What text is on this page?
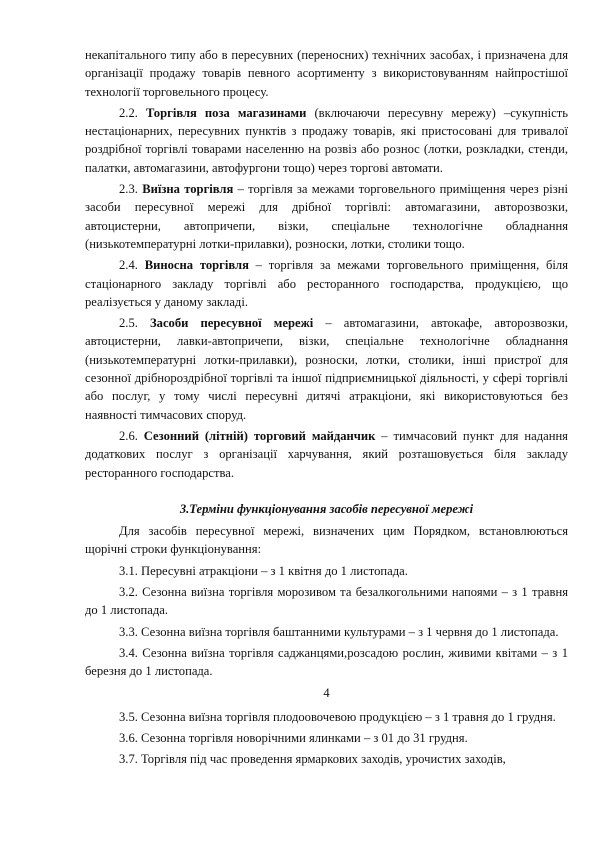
некапітального типу або в пересувних (переносних) технічних засобах, і призначена для організації продажу товарів певного асортименту з використовуванням найпростішої технології торговельного процесу.

2.2. Торгівля поза магазинами (включаючи пересувну мережу) –сукупність нестаціонарних, пересувних пунктів з продажу товарів, які пристосовані для тривалої роздрібної торгівлі товарами населенню на розвіз або рознос (лотки, розкладки, стенди, палатки, автомагазини, автофургони тощо) через торгові автомати.

2.3. Виїзна торгівля – торгівля за межами торговельного приміщення через різні засоби пересувної мережі для дрібної торгівлі: автомагазини, авторозвозки, автоцистерни, автопричепи, візки, спеціальне технологічне обладнання (низькотемпературні лотки-прилавки), розноски, лотки, столики тощо.

2.4. Виносна торгівля – торгівля за межами торговельного приміщення, біля стаціонарного закладу торгівлі або ресторанного господарства, продукцією, що реалізується у даному закладі.

2.5. Засоби пересувної мережі – автомагазини, автокафе, авторозвозки, автоцистерни, лавки-автопричепи, візки, спеціальне технологічне обладнання (низькотемпературні лотки-прилавки), розноски, лотки, столики, інші пристрої для сезонної дрібнороздрібної торгівлі та іншої підприємницької діяльності, у сфері торгівлі або послуг, у тому числі пересувні дитячі атракціони, які використовуються без наявності тимчасових споруд.

2.6. Сезонний (літній) торговий майданчик – тимчасовий пункт для надання додаткових послуг з організації харчування, який розташовується біля закладу ресторанного господарства.

3.Терміни функціонування засобів пересувної мережі

Для засобів пересувної мережі, визначених цим Порядком, встановлюються щорічні строки функціонування:

3.1. Пересувні атракціони – з 1 квітня до 1 листопада.

3.2. Сезонна виїзна торгівля морозивом та безалкогольними напоями – з 1 травня до 1 листопада.

3.3. Сезонна виїзна торгівля баштанними культурами – з 1 червня до 1 листопада.

3.4. Сезонна виїзна торгівля саджанцями,розсадою рослин, живими квітами – з 1 березня до 1 листопада.

4

3.5. Сезонна виїзна торгівля плодоовочевою продукцією – з 1 травня до 1 грудня.

3.6. Сезонна торгівля новорічними ялинками – з 01 до 31 грудня.

3.7. Торгівля під час проведення ярмаркових заходів, урочистих заходів,
